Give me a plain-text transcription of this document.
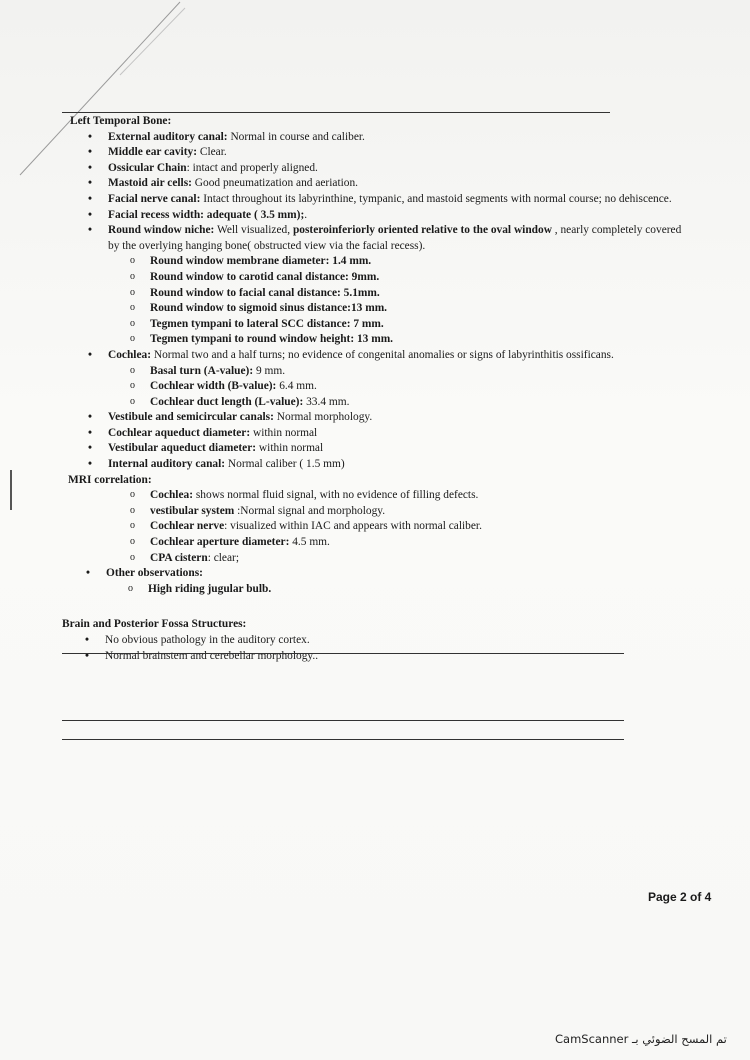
Left Temporal Bone:
• External auditory canal: Normal in course and caliber.
• Middle ear cavity: Clear.
• Ossicular Chain: intact and properly aligned.
• Mastoid air cells: Good pneumatization and aeriation.
• Facial nerve canal: Intact throughout its labyrinthine, tympanic, and mastoid segments with normal course; no dehiscence.
• Facial recess width: adequate ( 3.5 mm);.
• Round window niche: Well visualized, posteroinferiorly oriented relative to the oval window , nearly completely covered by the overlying hanging bone( obstructed view via the facial recess).
o Round window membrane diameter: 1.4 mm.
o Round window to carotid canal distance: 9mm.
o Round window to facial canal distance: 5.1mm.
o Round window to sigmoid sinus distance:13 mm.
o Tegmen tympani to lateral SCC distance: 7 mm.
o Tegmen tympani to round window height: 13 mm.
• Cochlea: Normal two and a half turns; no evidence of congenital anomalies or signs of labyrinthitis ossificans.
o Basal turn (A-value): 9 mm.
o Cochlear width (B-value): 6.4 mm.
o Cochlear duct length (L-value): 33.4 mm.
• Vestibule and semicircular canals: Normal morphology.
• Cochlear aqueduct diameter: within normal
• Vestibular aqueduct diameter: within normal
• Internal auditory canal: Normal caliber ( 1.5 mm)
MRI correlation:
o Cochlea: shows normal fluid signal, with no evidence of filling defects.
o vestibular system :Normal signal and morphology.
o Cochlear nerve: visualized within IAC and appears with normal caliber.
o Cochlear aperture diameter: 4.5 mm.
o CPA cistern: clear;
• Other observations:
o High riding jugular bulb.
Brain and Posterior Fossa Structures:
• No obvious pathology in the auditory cortex.
• Normal brainstem and cerebellar morphology..
Page 2 of 4
تم المسح الضوئي بـ CamScanner
